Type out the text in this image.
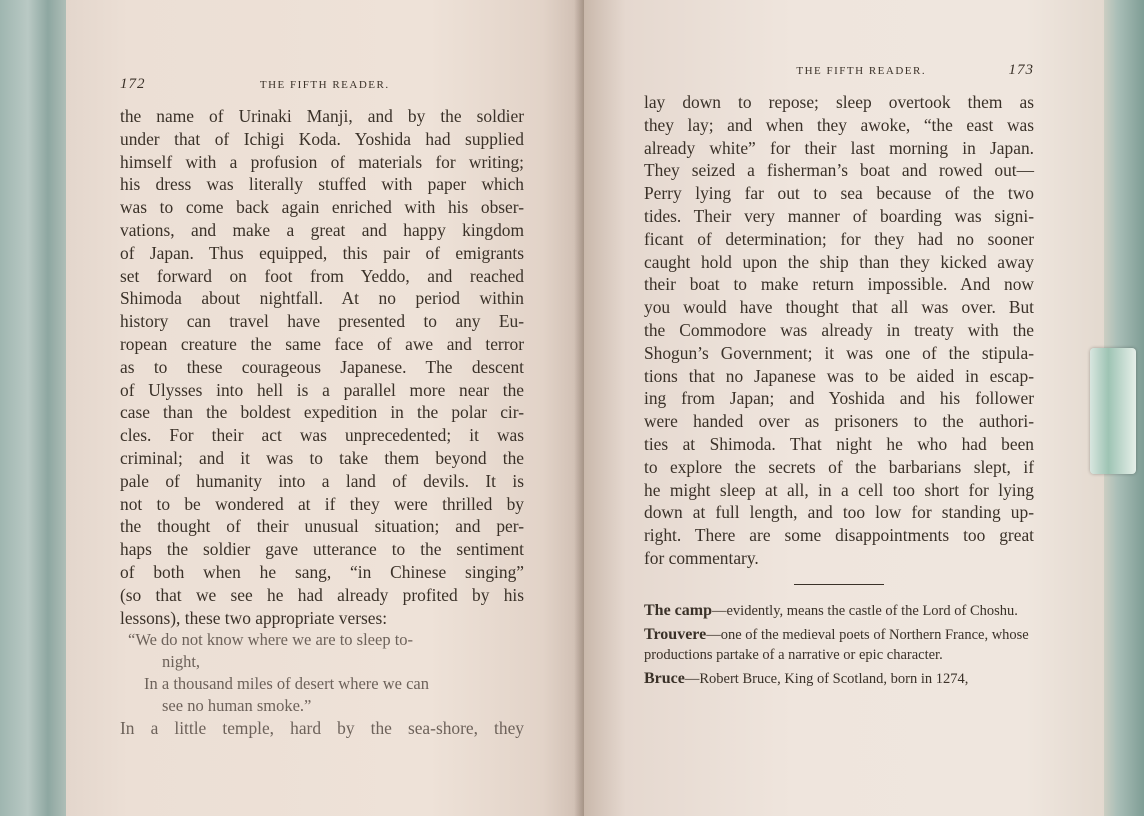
172	THE FIFTH READER.
the name of Urinaki Manji, and by the soldier
under that of Ichigi Koda. Yoshida had supplied
himself with a profusion of materials for writing;
his dress was literally stuffed with paper which
was to come back again enriched with his obser-
vations, and make a great and happy kingdom
of Japan. Thus equipped, this pair of emigrants
set forward on foot from Yeddo, and reached
Shimoda about nightfall. At no period within
history can travel have presented to any Eu-
ropean creature the same face of awe and terror
as to these courageous Japanese. The descent
of Ulysses into hell is a parallel more near the
case than the boldest expedition in the polar cir-
cles. For their act was unprecedented; it was
criminal; and it was to take them beyond the
pale of humanity into a land of devils. It is
not to be wondered at if they were thrilled by
the thought of their unusual situation; and per-
haps the soldier gave utterance to the sentiment
of both when he sang, “in Chinese singing”
(so that we see he had already profited by his
lessons), these two appropriate verses:
“We do not know where we are to sleep to-
night,
In a thousand miles of desert where we can
see no human smoke.”
In a little temple, hard by the sea-shore, they
THE FIFTH READER.	173
lay down to repose; sleep overtook them as
they lay; and when they awoke, “the east was
already white” for their last morning in Japan.
They seized a fisherman’s boat and rowed out—
Perry lying far out to sea because of the two
tides. Their very manner of boarding was signi-
ficant of determination; for they had no sooner
caught hold upon the ship than they kicked away
their boat to make return impossible. And now
you would have thought that all was over. But
the Commodore was already in treaty with the
Shogun’s Government; it was one of the stipula-
tions that no Japanese was to be aided in escap-
ing from Japan; and Yoshida and his follower
were handed over as prisoners to the authori-
ties at Shimoda. That night he who had been
to explore the secrets of the barbarians slept, if
he might sleep at all, in a cell too short for lying
down at full length, and too low for standing up-
right. There are some disappointments too great
for commentary.
The camp—evidently, means the castle of the Lord of Choshu.
Trouvere—one of the medieval poets of Northern France, whose productions partake of a narrative or epic character.
Bruce—Robert Bruce, King of Scotland, born in 1274,
